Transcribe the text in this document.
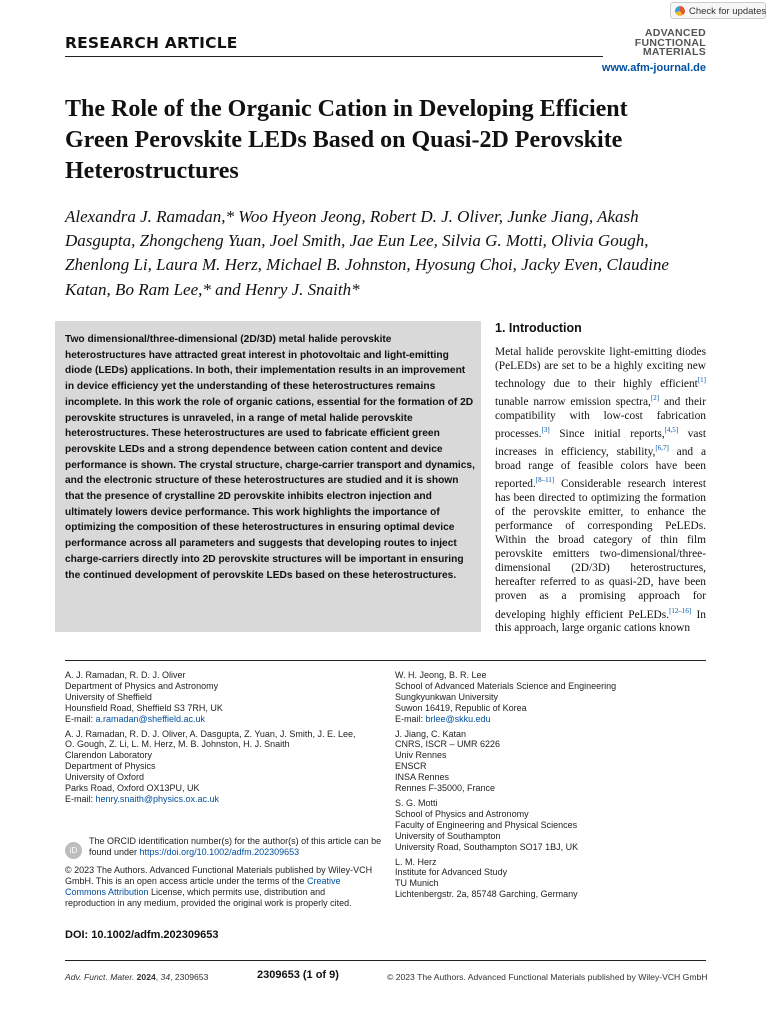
Check for updates
RESEARCH ARTICLE
ADVANCED
FUNCTIONAL
MATERIALS
www.afm-journal.de
The Role of the Organic Cation in Developing Efficient Green Perovskite LEDs Based on Quasi-2D Perovskite Heterostructures
Alexandra J. Ramadan,* Woo Hyeon Jeong, Robert D. J. Oliver, Junke Jiang, Akash Dasgupta, Zhongcheng Yuan, Joel Smith, Jae Eun Lee, Silvia G. Motti, Olivia Gough, Zhenlong Li, Laura M. Herz, Michael B. Johnston, Hyosung Choi, Jacky Even, Claudine Katan, Bo Ram Lee,* and Henry J. Snaith*
Two dimensional/three-dimensional (2D/3D) metal halide perovskite heterostructures have attracted great interest in photovoltaic and light-emitting diode (LEDs) applications. In both, their implementation results in an improvement in device efficiency yet the understanding of these heterostructures remains incomplete. In this work the role of organic cations, essential for the formation of 2D perovskite structures is unraveled, in a range of metal halide perovskite heterostructures. These heterostructures are used to fabricate efficient green perovskite LEDs and a strong dependence between cation content and device performance is shown. The crystal structure, charge-carrier transport and dynamics, and the electronic structure of these heterostructures are studied and it is shown that the presence of crystalline 2D perovskite inhibits electron injection and ultimately lowers device performance. This work highlights the importance of optimizing the composition of these heterostructures in ensuring optimal device performance across all parameters and suggests that developing routes to inject charge-carriers directly into 2D perovskite structures will be important in ensuring the continued development of perovskite LEDs based on these heterostructures.
1. Introduction
Metal halide perovskite light-emitting diodes (PeLEDs) are set to be a highly exciting new technology due to their highly efficient[1] tunable narrow emission spectra,[2] and their compatibility with low-cost fabrication processes.[3] Since initial reports,[4,5] vast increases in efficiency, stability,[6,7] and a broad range of feasible colors have been reported.[8–11] Considerable research interest has been directed to optimizing the formation of the perovskite emitter, to enhance the performance of corresponding PeLEDs. Within the broad category of thin film perovskite emitters two-dimensional/three-dimensional (2D/3D) heterostructures, hereafter referred to as quasi-2D, have been proven as a promising approach for developing highly efficient PeLEDs.[12–16] In this approach, large organic cations known
A. J. Ramadan, R. D. J. Oliver
Department of Physics and Astronomy
University of Sheffield
Hounsfield Road, Sheffield S3 7RH, UK
E-mail: a.ramadan@sheffield.ac.uk
A. J. Ramadan, R. D. J. Oliver, A. Dasgupta, Z. Yuan, J. Smith, J. E. Lee, O. Gough, Z. Li, L. M. Herz, M. B. Johnston, H. J. Snaith
Clarendon Laboratory
Department of Physics
University of Oxford
Parks Road, Oxford OX13PU, UK
E-mail: henry.snaith@physics.ox.ac.uk
W. H. Jeong, B. R. Lee
School of Advanced Materials Science and Engineering
Sungkyunkwan University
Suwon 16419, Republic of Korea
E-mail: brlee@skku.edu
J. Jiang, C. Katan
CNRS, ISCR – UMR 6226
Univ Rennes
ENSCR
INSA Rennes
Rennes F-35000, France
S. G. Motti
School of Physics and Astronomy
Faculty of Engineering and Physical Sciences
University of Southampton
University Road, Southampton SO17 1BJ, UK
L. M. Herz
Institute for Advanced Study
TU Munich
Lichtenbergstr. 2a, 85748 Garching, Germany
iD
The ORCID identification number(s) for the author(s) of this article can be found under https://doi.org/10.1002/adfm.202309653
© 2023 The Authors. Advanced Functional Materials published by Wiley-VCH GmbH. This is an open access article under the terms of the Creative Commons Attribution License, which permits use, distribution and reproduction in any medium, provided the original work is properly cited.
DOI: 10.1002/adfm.202309653
Adv. Funct. Mater. 2024, 34, 2309653	2309653 (1 of 9)	© 2023 The Authors. Advanced Functional Materials published by Wiley-VCH GmbH
